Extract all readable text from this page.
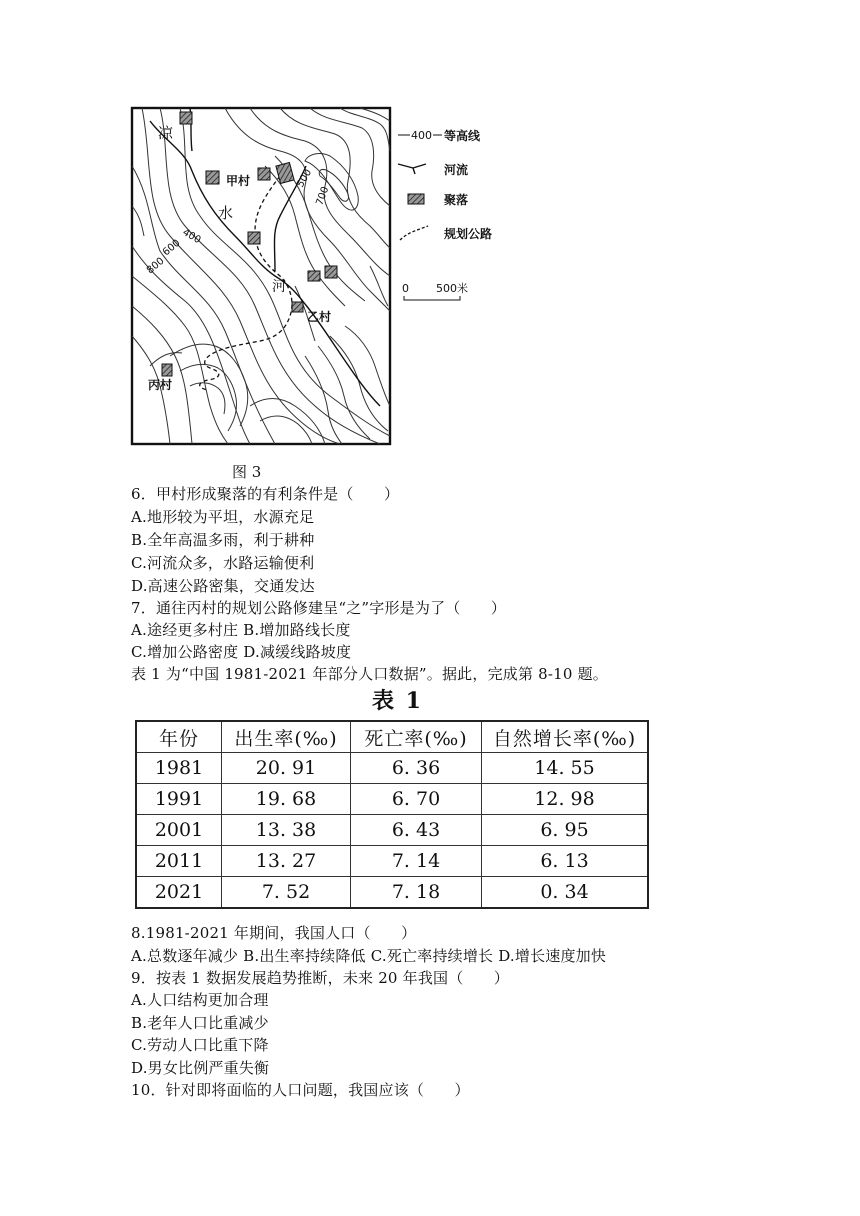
凉
水
河
甲村
乙村
丙村
500
700
400
600
800
400 等高线
河流
聚落
规划公路
0 500米
图 3
6．甲村形成聚落的有利条件是（　　）
A.地形较为平坦，水源充足
B.全年高温多雨，利于耕种
C.河流众多，水路运输便利
D.高速公路密集，交通发达
7．通往丙村的规划公路修建呈“之”字形是为了（　　）
A.途经更多村庄 B.增加路线长度
C.增加公路密度 D.减缓线路坡度
表 1 为“中国 1981-2021 年部分人口数据”。据此，完成第 8-10 题。
表 1
年份	出生率(‰)	死亡率(‰)	自然增长率(‰)
1981	20. 91	6. 36	14. 55
1991	19. 68	6. 70	12. 98
2001	13. 38	6. 43	6. 95
2011	13. 27	7. 14	6. 13
2021	7. 52	7. 18	0. 34
8.1981-2021 年期间，我国人口（　　）
A.总数逐年减少 B.出生率持续降低 C.死亡率持续增长 D.增长速度加快
9．按表 1 数据发展趋势推断，未来 20 年我国（　　）
A.人口结构更加合理
B.老年人口比重减少
C.劳动人口比重下降
D.男女比例严重失衡
10．针对即将面临的人口问题，我国应该（　　）
